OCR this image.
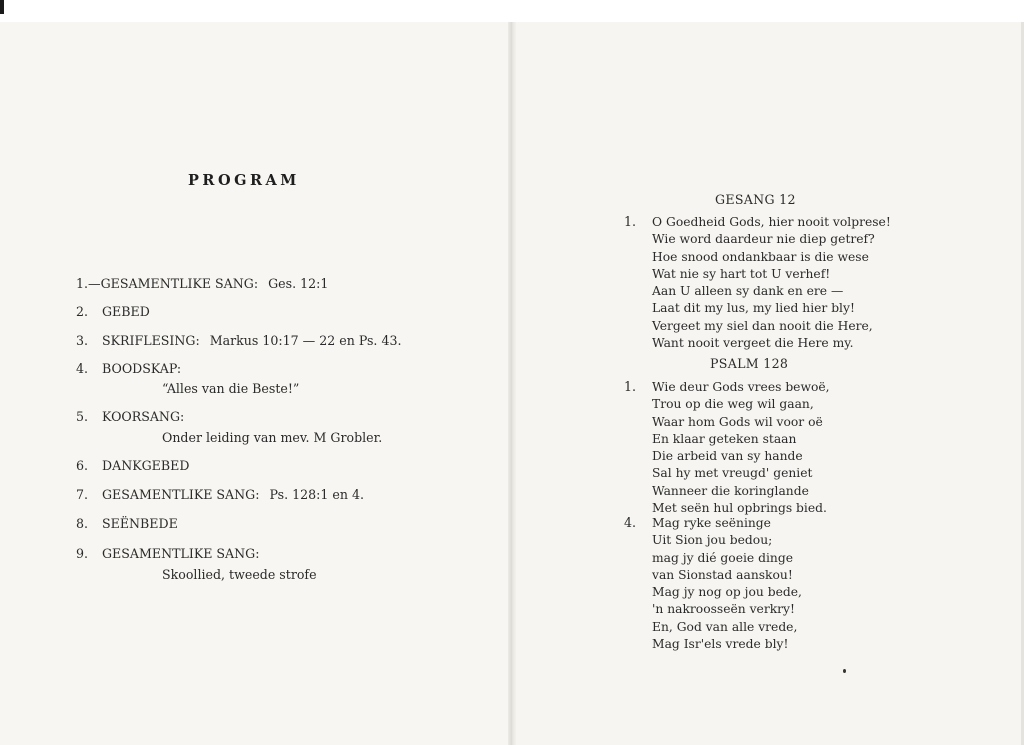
PROGRAM
1.—GESAMENTLIKE SANG: Ges. 12:1
2. GEBED
3. SKRIFLESING: Markus 10:17 — 22 en Ps. 43.
4. BOODSKAP:
“Alles van die Beste!”
5. KOORSANG:
Onder leiding van mev. M Grobler.
6. DANKGEBED
7. GESAMENTLIKE SANG: Ps. 128:1 en 4.
8. SEËNBEDE
9. GESAMENTLIKE SANG:
Skoollied, tweede strofe
GESANG 12
1. O Goedheid Gods, hier nooit volprese!
Wie word daardeur nie diep getref?
Hoe snood ondankbaar is die wese
Wat nie sy hart tot U verhef!
Aan U alleen sy dank en ere —
Laat dit my lus, my lied hier bly!
Vergeet my siel dan nooit die Here,
Want nooit vergeet die Here my.
PSALM 128
1. Wie deur Gods vrees bewoë,
Trou op die weg wil gaan,
Waar hom Gods wil voor oë
En klaar geteken staan
Die arbeid van sy hande
Sal hy met vreugd' geniet
Wanneer die koringlande
Met seën hul opbrings bied.
4. Mag ryke seëninge
Uit Sion jou bedou;
mag jy dié goeie dinge
van Sionstad aanskou!
Mag jy nog op jou bede,
'n nakroosseën verkry!
En, God van alle vrede,
Mag Isr'els vrede bly!
